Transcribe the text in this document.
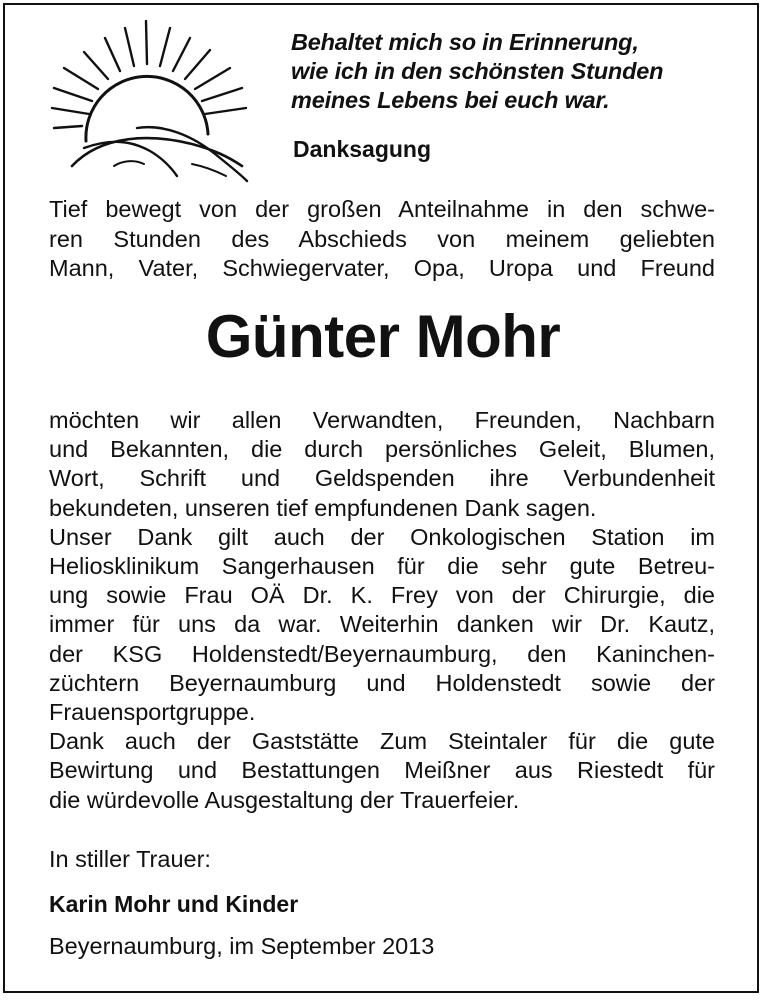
Behaltet mich so in Erinnerung,
wie ich in den schönsten Stunden
meines Lebens bei euch war.
Danksagung
Tief bewegt von der großen Anteilnahme in den schwe-
ren Stunden des Abschieds von meinem geliebten
Mann, Vater, Schwiegervater, Opa, Uropa und Freund
Günter Mohr
möchten wir allen Verwandten, Freunden, Nachbarn
und Bekannten, die durch persönliches Geleit, Blumen,
Wort, Schrift und Geldspenden ihre Verbundenheit
bekundeten, unseren tief empfundenen Dank sagen.
Unser Dank gilt auch der Onkologischen Station im
Heliosklinikum Sangerhausen für die sehr gute Betreu-
ung sowie Frau OÄ Dr. K. Frey von der Chirurgie, die
immer für uns da war. Weiterhin danken wir Dr. Kautz,
der KSG Holdenstedt/Beyernaumburg, den Kaninchen-
züchtern Beyernaumburg und Holdenstedt sowie der
Frauensportgruppe.
Dank auch der Gaststätte Zum Steintaler für die gute
Bewirtung und Bestattungen Meißner aus Riestedt für
die würdevolle Ausgestaltung der Trauerfeier.
In stiller Trauer:
Karin Mohr und Kinder
Beyernaumburg, im September 2013
